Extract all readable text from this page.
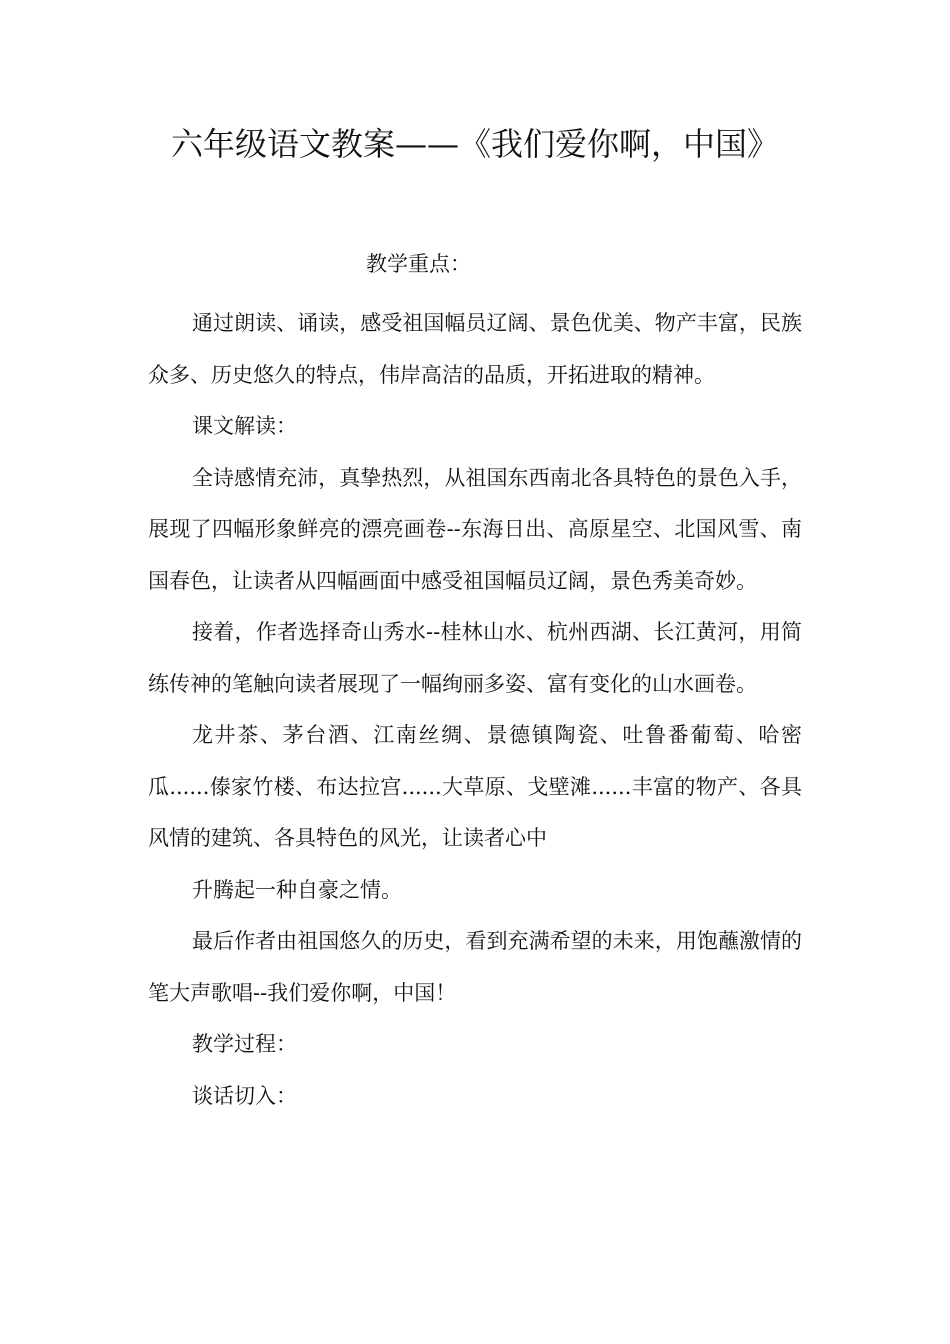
六年级语文教案——《我们爱你啊，中国》
教学重点：

通过朗读、诵读，感受祖国幅员辽阔、景色优美、物产丰富，民族众多、历史悠久的特点，伟岸高洁的品质，开拓进取的精神。

课文解读：

全诗感情充沛，真挚热烈，从祖国东西南北各具特色的景色入手，展现了四幅形象鲜亮的漂亮画卷--东海日出、高原星空、北国风雪、南国春色，让读者从四幅画面中感受祖国幅员辽阔，景色秀美奇妙。

接着，作者选择奇山秀水--桂林山水、杭州西湖、长江黄河，用简练传神的笔触向读者展现了一幅绚丽多姿、富有变化的山水画卷。

龙井茶、茅台酒、江南丝绸、景德镇陶瓷、吐鲁番葡萄、哈密瓜......傣家竹楼、布达拉宫......大草原、戈壁滩......丰富的物产、各具风情的建筑、各具特色的风光，让读者心中

升腾起一种自豪之情。

最后作者由祖国悠久的历史，看到充满希望的未来，用饱蘸激情的笔大声歌唱--我们爱你啊，中国！

教学过程：

谈话切入：
